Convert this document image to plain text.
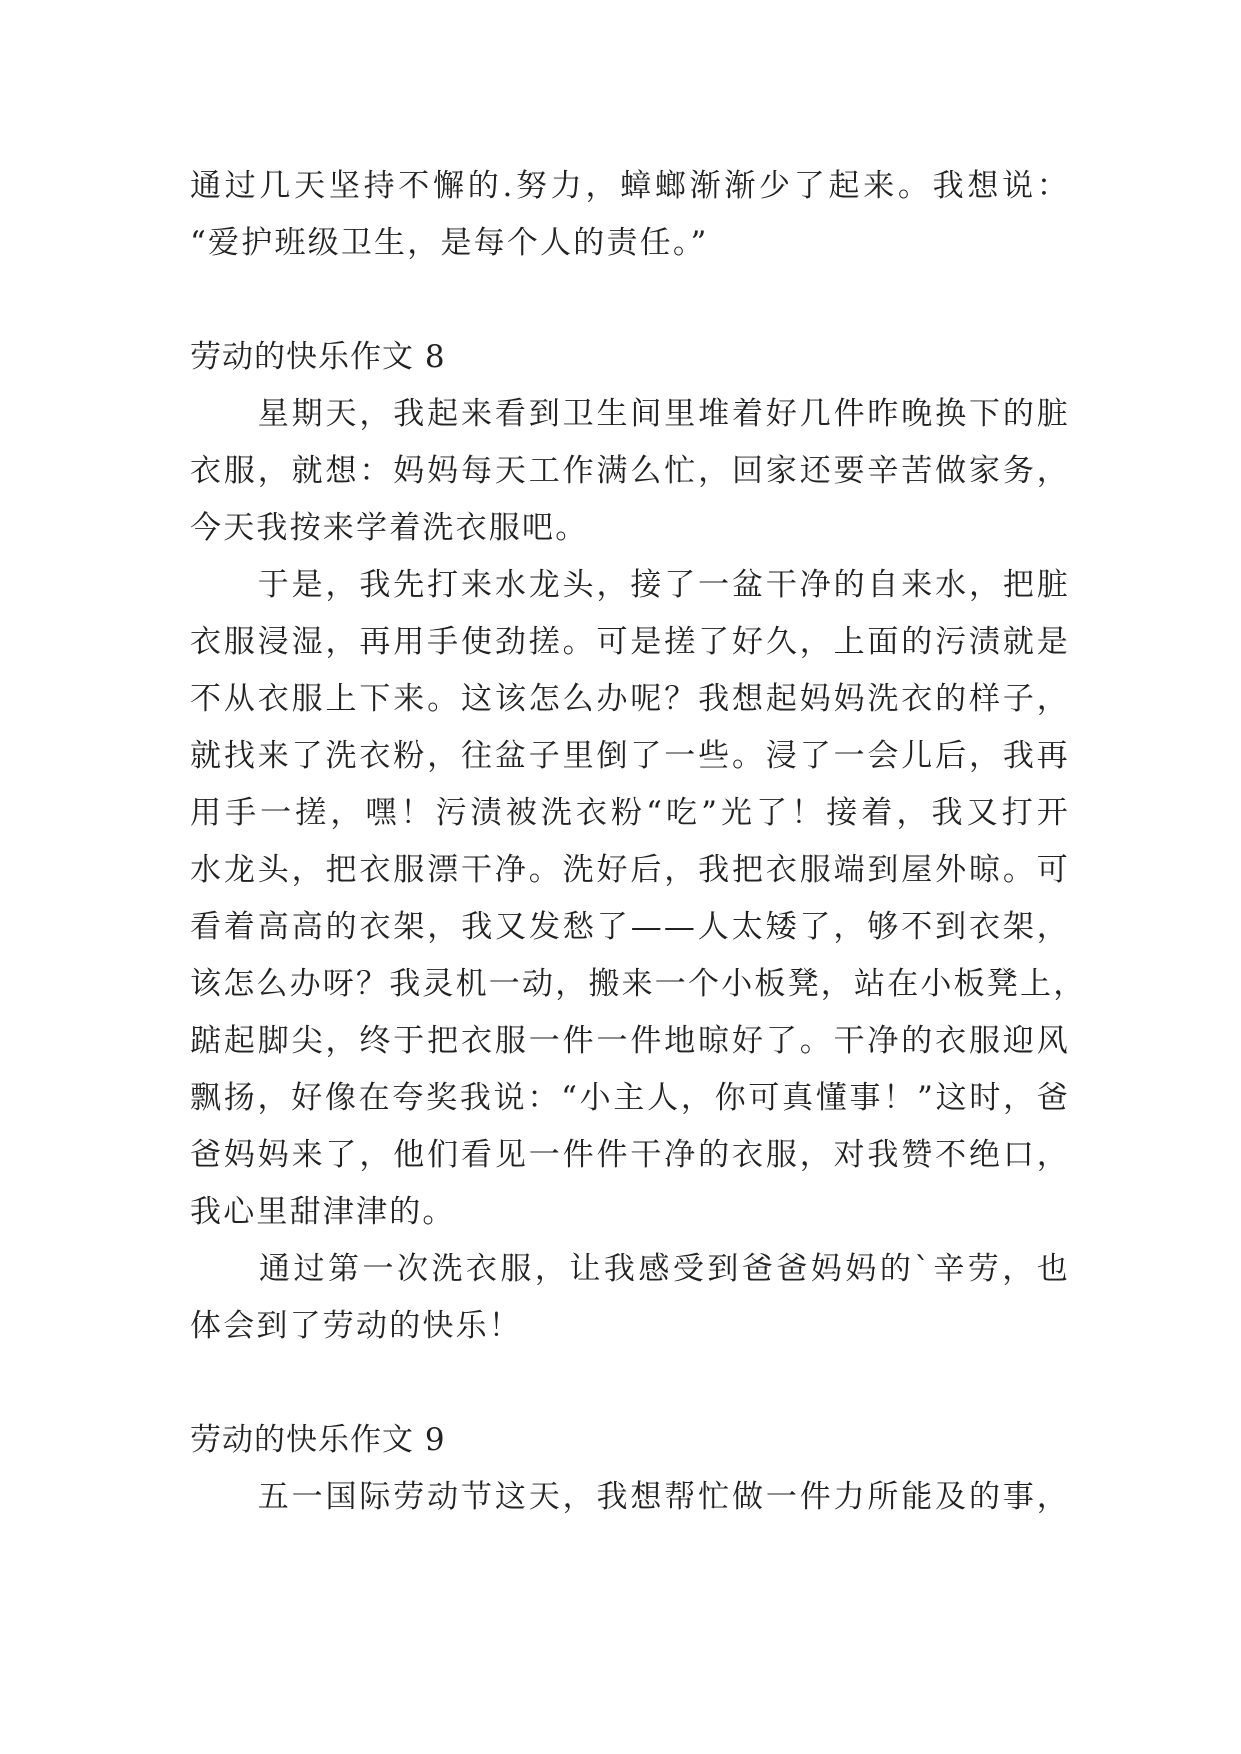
通过几天坚持不懈的.努力，蟑螂渐渐少了起来。我想说：
“爱护班级卫生，是每个人的责任。”
劳动的快乐作文 8
　　星期天，我起来看到卫生间里堆着好几件昨晚换下的脏
衣服，就想：妈妈每天工作满么忙，回家还要辛苦做家务，
今天我按来学着洗衣服吧。
　　于是，我先打来水龙头，接了一盆干净的自来水，把脏
衣服浸湿，再用手使劲搓。可是搓了好久，上面的污渍就是
不从衣服上下来。这该怎么办呢？我想起妈妈洗衣的样子，
就找来了洗衣粉，往盆子里倒了一些。浸了一会儿后，我再
用手一搓，嘿！污渍被洗衣粉“吃”光了！接着，我又打开
水龙头，把衣服漂干净。洗好后，我把衣服端到屋外晾。可
看着高高的衣架，我又发愁了——人太矮了，够不到衣架，
该怎么办呀？我灵机一动，搬来一个小板凳，站在小板凳上，
踮起脚尖，终于把衣服一件一件地晾好了。干净的衣服迎风
飘扬，好像在夸奖我说：“小主人，你可真懂事！”这时，爸
爸妈妈来了，他们看见一件件干净的衣服，对我赞不绝口，
我心里甜津津的。
　　通过第一次洗衣服，让我感受到爸爸妈妈的`辛劳，也
体会到了劳动的快乐！
劳动的快乐作文 9
　　五一国际劳动节这天，我想帮忙做一件力所能及的事，
